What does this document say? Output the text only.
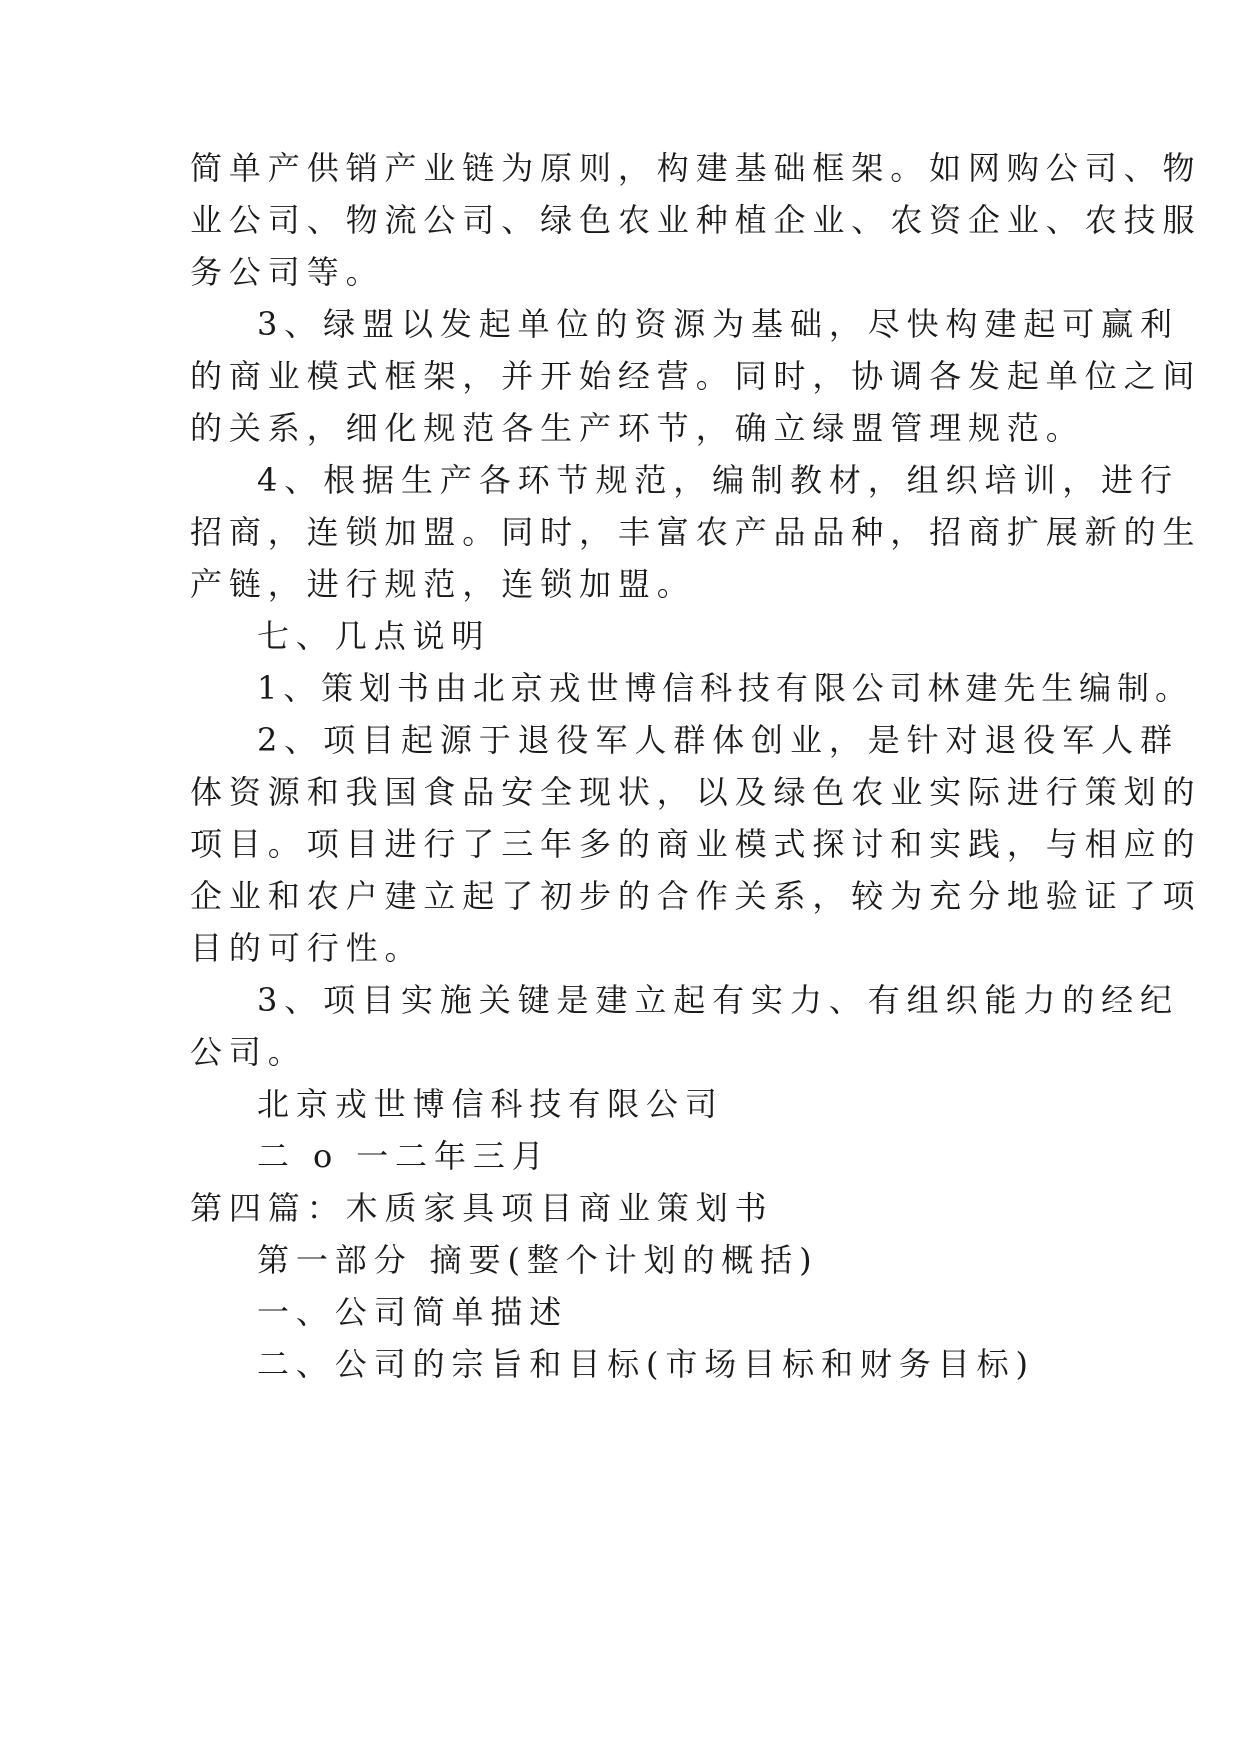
简单产供销产业链为原则，构建基础框架。如网购公司、物
业公司、物流公司、绿色农业种植企业、农资企业、农技服
务公司等。
3、绿盟以发起单位的资源为基础，尽快构建起可赢利
的商业模式框架，并开始经营。同时，协调各发起单位之间
的关系，细化规范各生产环节，确立绿盟管理规范。
4、根据生产各环节规范，编制教材，组织培训，进行
招商，连锁加盟。同时，丰富农产品品种，招商扩展新的生
产链，进行规范，连锁加盟。
七、几点说明
1、策划书由北京戎世博信科技有限公司林建先生编制。
2、项目起源于退役军人群体创业，是针对退役军人群
体资源和我国食品安全现状，以及绿色农业实际进行策划的
项目。项目进行了三年多的商业模式探讨和实践，与相应的
企业和农户建立起了初步的合作关系，较为充分地验证了项
目的可行性。
3、项目实施关键是建立起有实力、有组织能力的经纪
公司。
北京戎世博信科技有限公司
二 o 一二年三月
第四篇：木质家具项目商业策划书
第一部分 摘要(整个计划的概括)
一、公司简单描述
二、公司的宗旨和目标(市场目标和财务目标)
